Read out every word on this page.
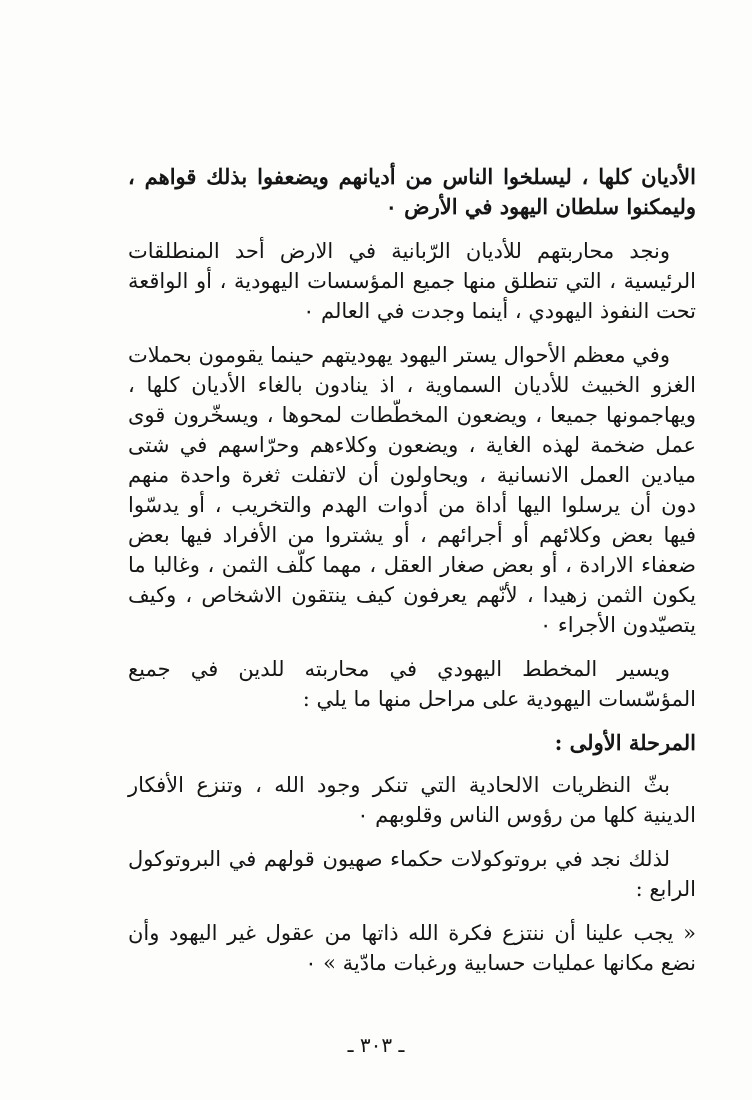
الأديان كلها ، ليسلخوا الناس من أديانهم ويضعفوا بذلك قواهم ، وليمكنوا سلطان اليهود في الأرض ٠

ونجد محاربتهم للأديان الرّبانية في الارض أحد المنطلقات الرئيسية ، التي تنطلق منها جميع المؤسسات اليهودية ، أو الواقعة تحت النفوذ اليهودي ، أينما وجدت في العالم ٠

وفي معظم الأحوال يستر اليهود يهوديتهم حينما يقومون بحملات الغزو الخبيث للأديان السماوية ، اذ ينادون بالغاء الأديان كلها ، ويهاجمونها جميعا ، ويضعون المخطّطات لمحوها ، ويسخّرون قوى عمل ضخمة لهذه الغاية ، ويضعون وكلاءهم وحرّاسهم في شتى ميادين العمل الانسانية ، ويحاولون أن لاتفلت ثغرة واحدة منهم دون أن يرسلوا اليها أداة من أدوات الهدم والتخريب ، أو يدسّوا فيها بعض وكلائهم أو أجرائهم ، أو يشتروا من الأفراد فيها بعض ضعفاء الارادة ، أو بعض صغار العقل ، مهما كلّف الثمن ، وغالبا ما يكون الثمن زهيدا ، لأنّهم يعرفون كيف ينتقون الاشخاص ، وكيف يتصيّدون الأجراء ٠

ويسير المخطط اليهودي في محاربته للدين في جميع المؤسّسات اليهودية على مراحل منها ما يلي :

المرحلة الأولى :

بثّ النظريات الالحادية التي تنكر وجود الله ، وتنزع الأفكار الدينية كلها من رؤوس الناس وقلوبهم ٠

لذلك نجد في بروتوكولات حكماء صهيون قولهم في البروتوكول الرابع :

« يجب علينا أن ننتزع فكرة الله ذاتها من عقول غير اليهود وأن نضع مكانها عمليات حسابية ورغبات مادّية » ٠

ـ ٣٠٣ ـ
